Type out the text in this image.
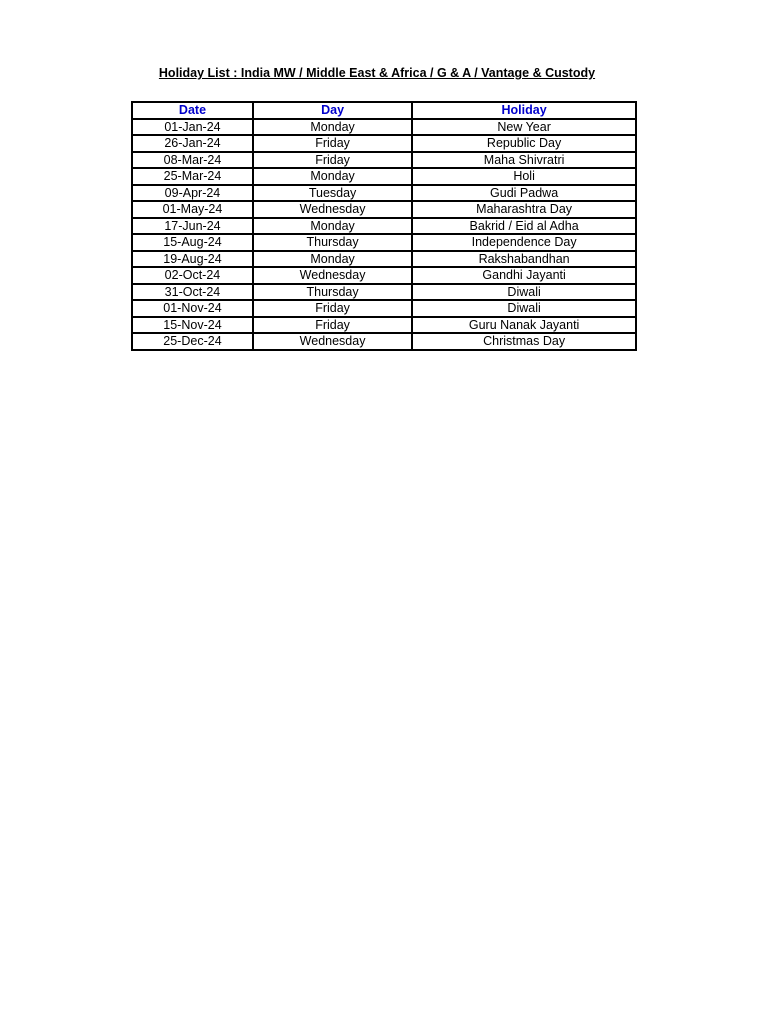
Holiday List : India MW / Middle East & Africa / G & A / Vantage & Custody
Date	Day	Holiday
01-Jan-24	Monday	New Year
26-Jan-24	Friday	Republic Day
08-Mar-24	Friday	Maha Shivratri
25-Mar-24	Monday	Holi
09-Apr-24	Tuesday	Gudi Padwa
01-May-24	Wednesday	Maharashtra Day
17-Jun-24	Monday	Bakrid / Eid al Adha
15-Aug-24	Thursday	Independence Day
19-Aug-24	Monday	Rakshabandhan
02-Oct-24	Wednesday	Gandhi Jayanti
31-Oct-24	Thursday	Diwali
01-Nov-24	Friday	Diwali
15-Nov-24	Friday	Guru Nanak Jayanti
25-Dec-24	Wednesday	Christmas Day
